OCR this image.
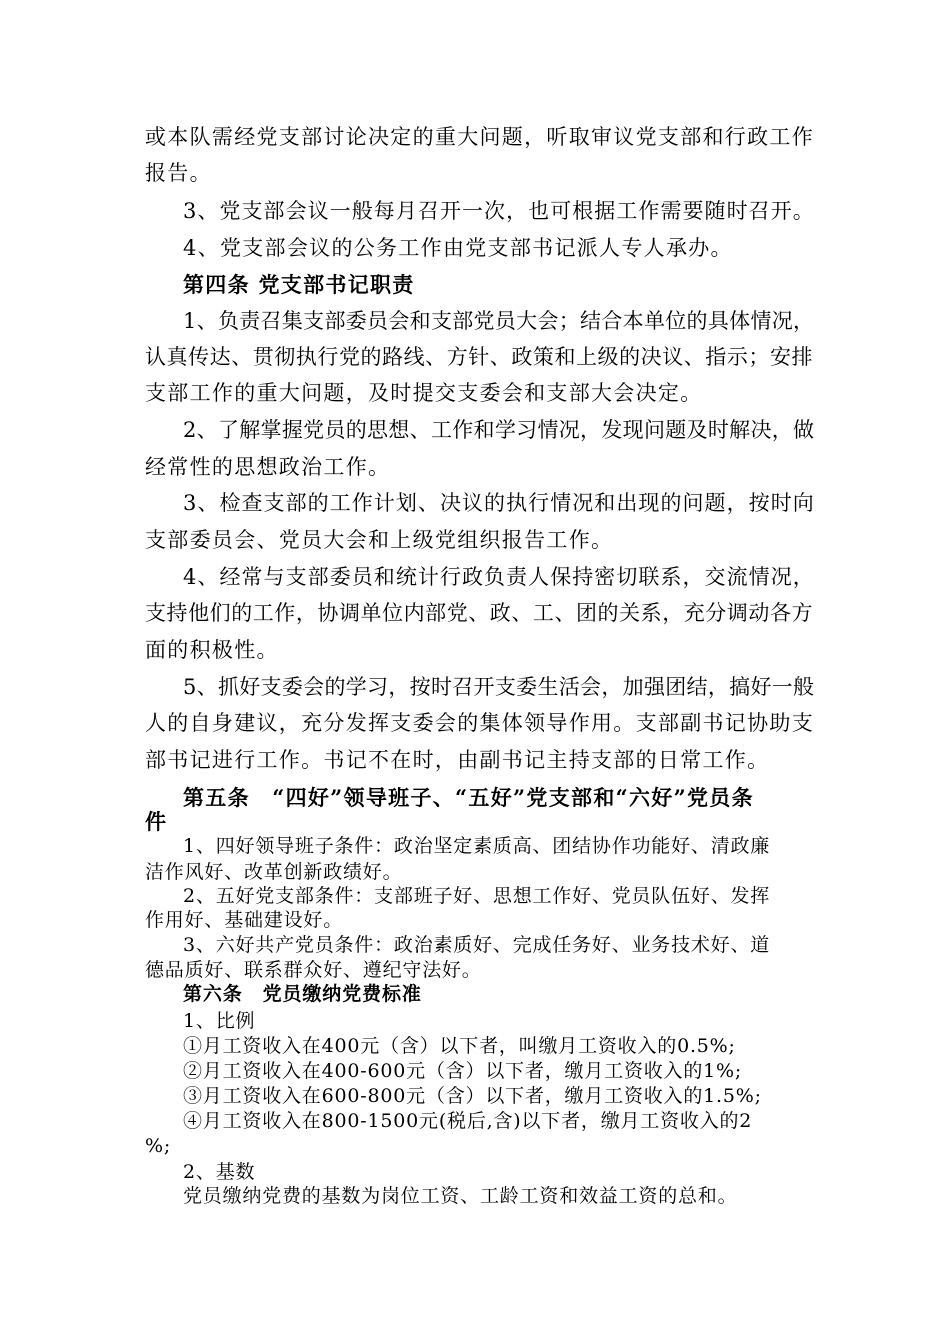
或本队需经党支部讨论决定的重大问题，听取审议党支部和行政工作

报告。

3、党支部会议一般每月召开一次，也可根据工作需要随时召开。

4、党支部会议的公务工作由党支部书记派人专人承办。

第四条 党支部书记职责

1、负责召集支部委员会和支部党员大会；结合本单位的具体情况，

认真传达、贯彻执行党的路线、方针、政策和上级的决议、指示；安排

支部工作的重大问题，及时提交支委会和支部大会决定。

2、了解掌握党员的思想、工作和学习情况，发现问题及时解决，做

经常性的思想政治工作。

3、检查支部的工作计划、决议的执行情况和出现的问题，按时向

支部委员会、党员大会和上级党组织报告工作。

4、经常与支部委员和统计行政负责人保持密切联系，交流情况，

支持他们的工作，协调单位内部党、政、工、团的关系，充分调动各方

面的积极性。

5、抓好支委会的学习，按时召开支委生活会，加强团结，搞好一般

人的自身建议，充分发挥支委会的集体领导作用。支部副书记协助支

部书记进行工作。书记不在时，由副书记主持支部的日常工作。

第五条　“四好”领导班子、“五好”党支部和“六好”党员条

件

1、四好领导班子条件：政治坚定素质高、团结协作功能好、清政廉

洁作风好、改革创新政绩好。

2、五好党支部条件：支部班子好、思想工作好、党员队伍好、发挥

作用好、基础建设好。

3、六好共产党员条件：政治素质好、完成任务好、业务技术好、道

德品质好、联系群众好、遵纪守法好。

第六条　党员缴纳党费标准

1、比例

①月工资收入在400元（含）以下者，叫缴月工资收入的0.5%;

②月工资收入在400-600元（含）以下者，缴月工资收入的1%;

③月工资收入在600-800元（含）以下者，缴月工资收入的1.5%;

④月工资收入在800-1500元(税后,含)以下者，缴月工资收入的2

%;

2、基数

党员缴纳党费的基数为岗位工资、工龄工资和效益工资的总和。
